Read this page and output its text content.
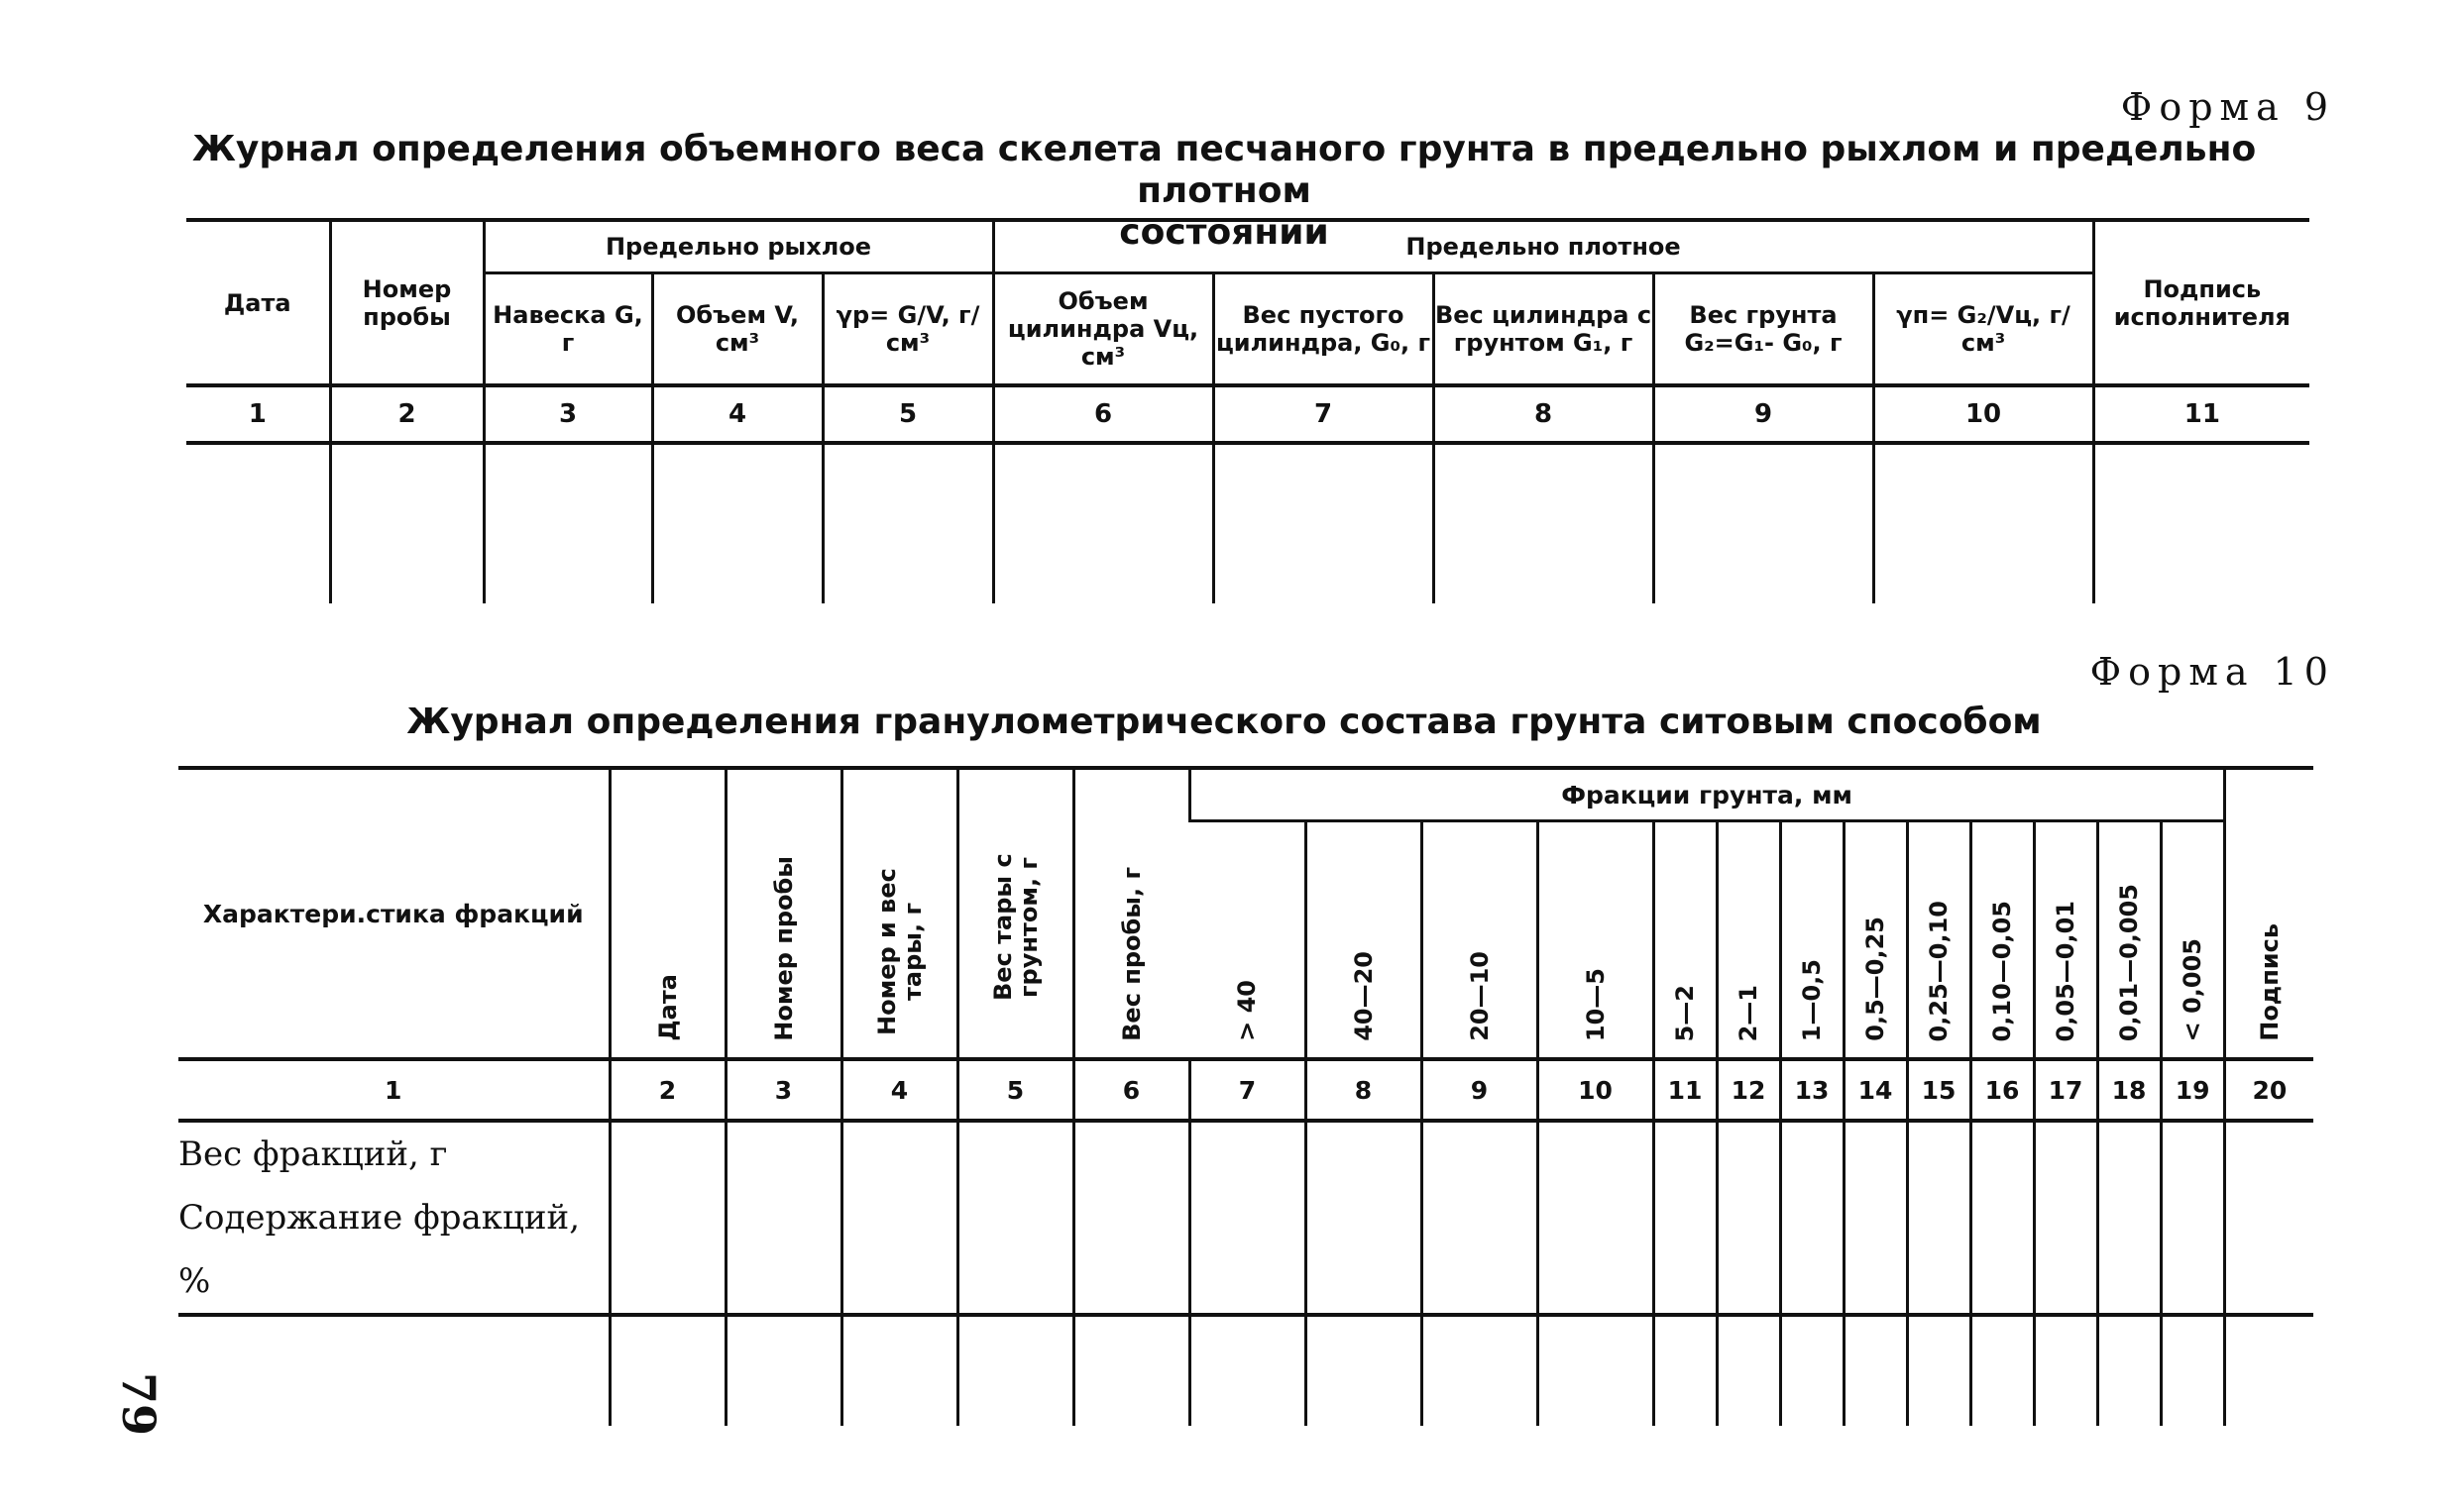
Форма 9
Журнал определения объемного веса скелета песчаного грунта в предельно рыхлом и предельно плотном
состоянии
Дата	Номер пробы	Предельно рыхлое			Предельно плотное					Подпись исполнителя
		Навеска G, г	Объем V, см³	γр= G/V, г/см³	Объем цилиндра Vц, см³	Вес пустого цилиндра, G₀, г	Вес цилиндра с грунтом G₁, г	Вес грунта G₂=G₁- G₀, г	γп= G₂/Vц, г/см³	
1	2	3	4	5	6	7	8	9	10	11

Форма 10
Журнал определения гранулометрического состава грунта ситовым способом
Характери.стика фракций	Дата	Номер пробы	Номер и вес тары, г	Вес тары с грунтом, г	Вес пробы, г	Фракции грунта, мм													Подпись
						> 40	40—20	20—10	10—5	5—2	2—1	1—0,5	0,5—0,25	0,25—0,10	0,10—0,05	0,05—0,01	0,01—0,005	< 0,005	
1	2	3	4	5	6	7	8	9	10	11	12	13	14	15	16	17	18	19	20

Вес фракций, г
Содержание фракций, %																			

79
